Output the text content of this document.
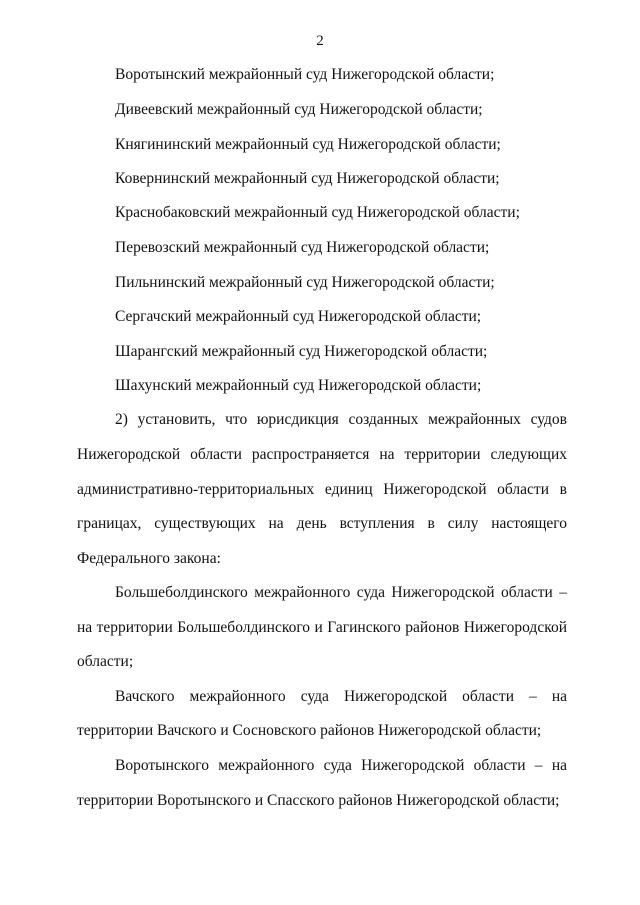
2
Воротынский межрайонный суд Нижегородской области;
Дивеевский межрайонный суд Нижегородской области;
Княгининский межрайонный суд Нижегородской области;
Ковернинский межрайонный суд Нижегородской области;
Краснобаковский межрайонный суд Нижегородской области;
Перевозский межрайонный суд Нижегородской области;
Пильнинский межрайонный суд Нижегородской области;
Сергачский межрайонный суд Нижегородской области;
Шарангский межрайонный суд Нижегородской области;
Шахунский межрайонный суд Нижегородской области;
2) установить, что юрисдикция созданных межрайонных судов
Нижегородской области распространяется на территории следующих
административно-территориальных единиц Нижегородской области в
границах, существующих на день вступления в силу настоящего
Федерального закона:
Большеболдинского межрайонного суда Нижегородской области –
на территории Большеболдинского и Гагинского районов Нижегородской
области;
Вачского межрайонного суда Нижегородской области – на
территории Вачского и Сосновского районов Нижегородской области;
Воротынского межрайонного суда Нижегородской области – на
территории Воротынского и Спасского районов Нижегородской области;
